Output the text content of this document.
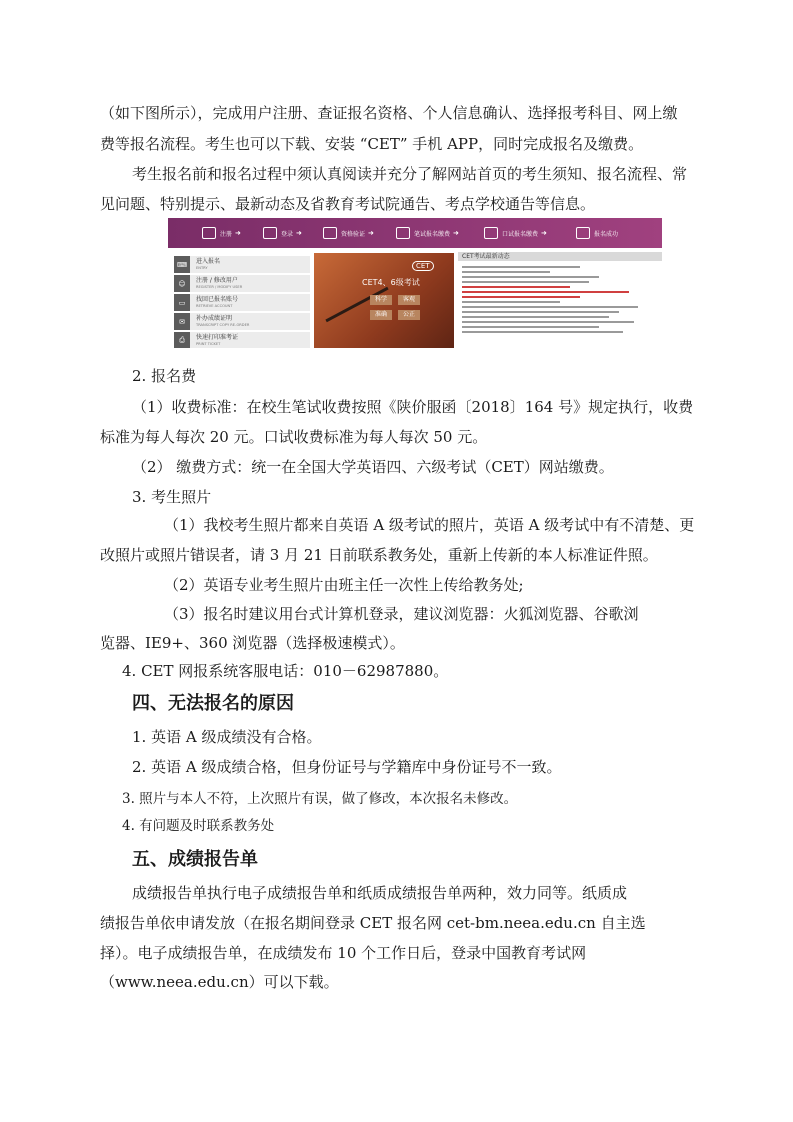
（如下图所示），完成用户注册、查证报名资格、个人信息确认、选择报考科目、网上缴
费等报名流程。考生也可以下载、安装 “CET” 手机 APP，同时完成报名及缴费。
考生报名前和报名过程中须认真阅读并充分了解网站首页的考生须知、报名流程、常
见问题、特别提示、最新动态及省教育考试院通告、考点学校通告等信息。
注册 ➜	登录 ➜	资格验证 ➜	笔试报名缴费 ➜	口试报名缴费 ➜	报名成功
⌨	进入报名
ENTRY
☺	注册 / 修改用户
REGISTER / MODIFY USER
▭	找回已报名账号
RETRIEVE ACCOUNT
✉	补办成绩证明
TRANSCRIPT COPY RE-ORDER
⎙	快速打印准考证
PRINT TICKET
CET
CET4、6级考试
科学	客观
准确	公正
CET考试最新动态
2. 报名费
（1）收费标准：在校生笔试收费按照《陕价服函〔2018〕164 号》规定执行，收费
标准为每人每次 20 元。口试收费标准为每人每次 50 元。
（2） 缴费方式：统一在全国大学英语四、六级考试（CET）网站缴费。
3. 考生照片
（1）我校考生照片都来自英语 A 级考试的照片，英语 A 级考试中有不清楚、更
改照片或照片错误者，请 3 月 21 日前联系教务处，重新上传新的本人标准证件照。
（2）英语专业考生照片由班主任一次性上传给教务处;
（3）报名时建议用台式计算机登录，建议浏览器：火狐浏览器、谷歌浏
览器、IE9+、360 浏览器（选择极速模式）。
4. CET 网报系统客服电话：010－62987880。
四、无法报名的原因
1. 英语 A 级成绩没有合格。
2. 英语 A 级成绩合格，但身份证号与学籍库中身份证号不一致。
3. 照片与本人不符，上次照片有误，做了修改，本次报名未修改。
4. 有问题及时联系教务处
五、成绩报告单
成绩报告单执行电子成绩报告单和纸质成绩报告单两种，效力同等。纸质成
绩报告单依申请发放（在报名期间登录 CET 报名网 cet-bm.neea.edu.cn 自主选
择）。电子成绩报告单，在成绩发布 10 个工作日后，登录中国教育考试网
（www.neea.edu.cn）可以下载。
